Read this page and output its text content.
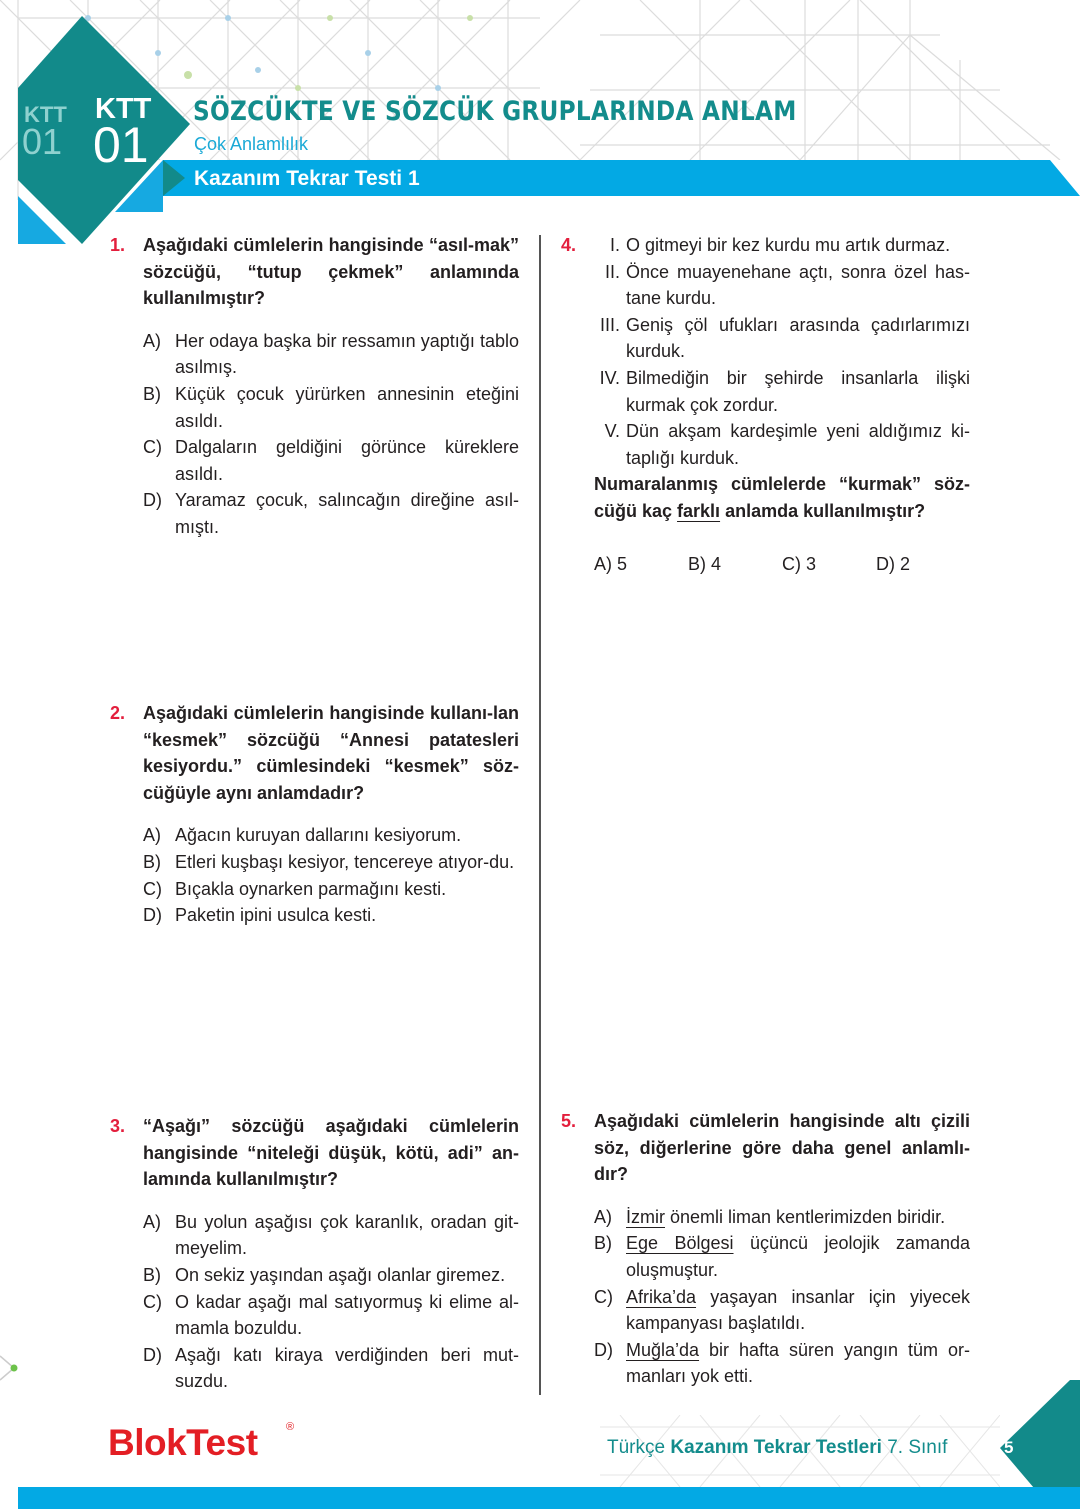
KTT
01
KTT
01
SÖZCÜKTE VE SÖZCÜK GRUPLARINDA ANLAM
Çok Anlamlılık
Kazanım Tekrar Testi 1
1. Aşağıdaki cümlelerin hangisinde “asıl-mak” sözcüğü, “tutup çekmek” anlamında kullanılmıştır?
A) Her odaya başka bir ressamın yaptığı tablo asılmış.
B) Küçük çocuk yürürken annesinin eteğini asıldı.
C) Dalgaların geldiğini görünce küreklere asıldı.
D) Yaramaz çocuk, salıncağın direğine asıl-mıştı.
2. Aşağıdaki cümlelerin hangisinde kullanı-lan “kesmek” sözcüğü “Annesi patatesleri kesiyordu.” cümlesindeki “kesmek” söz-cüğüyle aynı anlamdadır?
A) Ağacın kuruyan dallarını kesiyorum.
B) Etleri kuşbaşı kesiyor, tencereye atıyor-du.
C) Bıçakla oynarken parmağını kesti.
D) Paketin ipini usulca kesti.
3. “Aşağı” sözcüğü aşağıdaki cümlelerin hangisinde “niteleği düşük, kötü, adi” an-lamında kullanılmıştır?
A) Bu yolun aşağısı çok karanlık, oradan git-meyelim.
B) On sekiz yaşından aşağı olanlar giremez.
C) O kadar aşağı mal satıyormuş ki elime al-mamla bozuldu.
D) Aşağı katı kiraya verdiğinden beri mut-suzdu.
4.	I. O gitmeyi bir kez kurdu mu artık durmaz.
II. Önce muayenehane açtı, sonra özel has-tane kurdu.
III. Geniş çöl ufukları arasında çadırlarımızı kurduk.
IV. Bilmediğin bir şehirde insanlarla ilişki kurmak çok zordur.
V. Dün akşam kardeşimle yeni aldığımız ki-taplığı kurduk.
Numaralanmış cümlelerde “kurmak” söz-cüğü kaç farklı anlamda kullanılmıştır?
A) 5	B) 4	C) 3	D) 2
5. Aşağıdaki cümlelerin hangisinde altı çizili söz, diğerlerine göre daha genel anlamlı-dır?
A) İzmir önemli liman kentlerimizden biridir.
B) Ege Bölgesi üçüncü jeolojik zamanda oluşmuştur.
C) Afrika’da yaşayan insanlar için yiyecek kampanyası başlatıldı.
D) Muğla’da bir hafta süren yangın tüm or-manları yok etti.
BlokTest	®
Türkçe Kazanım Tekrar Testleri 7. Sınıf	5
